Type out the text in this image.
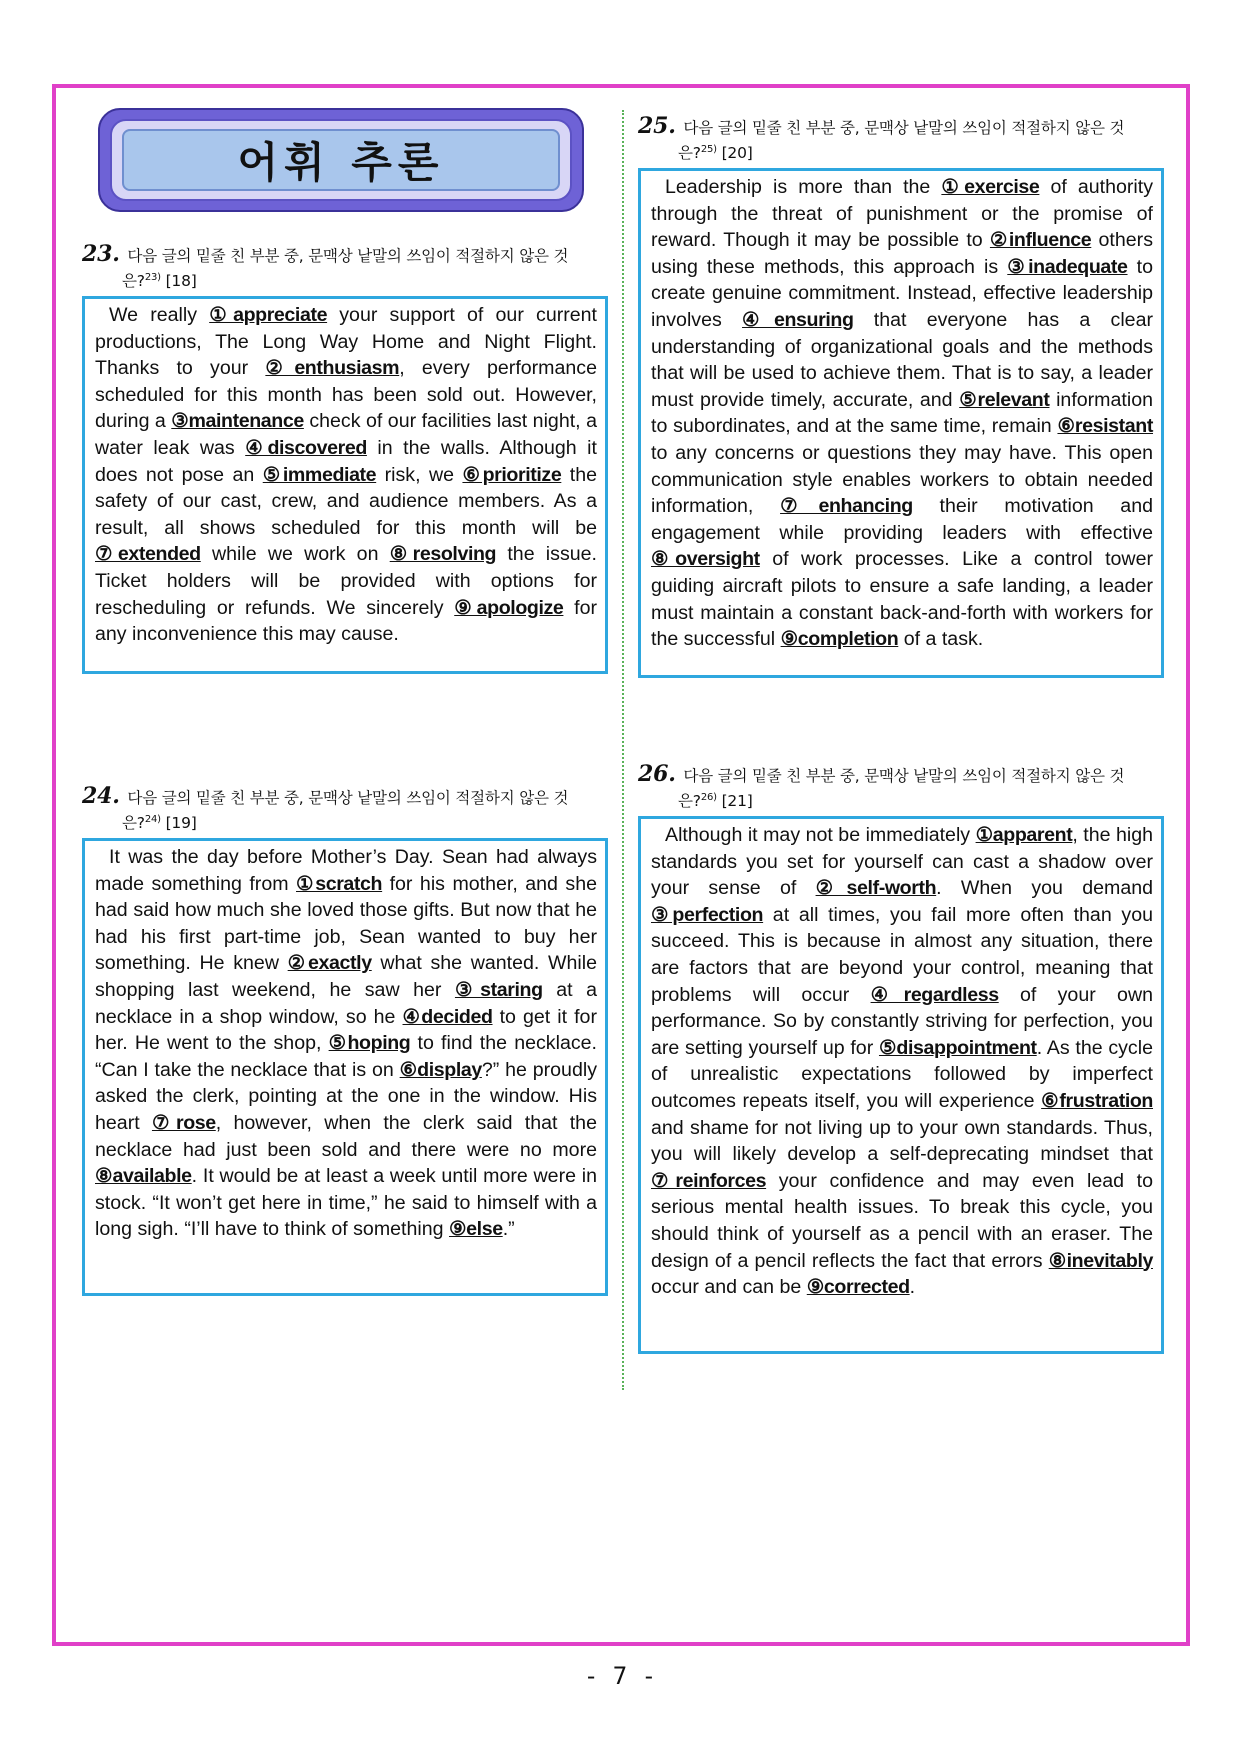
어휘 추론
23. 다음 글의 밑줄 친 부분 중, 문맥상 낱말의 쓰임이 적절하지 않은 것
은?$^{23)}$ [18]

We really ①appreciate your support of our current productions, The Long Way Home and Night Flight. Thanks to your ②enthusiasm, every performance scheduled for this month has been sold out. However, during a ③maintenance check of our facilities last night, a water leak was ④discovered in the walls. Although it does not pose an ⑤immediate risk, we ⑥prioritize the safety of our cast, crew, and audience members. As a result, all shows scheduled for this month will be ⑦extended while we work on ⑧resolving the issue. Ticket holders will be provided with options for rescheduling or refunds. We sincerely ⑨apologize for any inconvenience this may cause.

24. 다음 글의 밑줄 친 부분 중, 문맥상 낱말의 쓰임이 적절하지 않은 것
은?$^{24)}$ [19]

It was the day before Mother’s Day. Sean had always made something from ①scratch for his mother, and she had said how much she loved those gifts. But now that he had his first part-time job, Sean wanted to buy her something. He knew ②exactly what she wanted. While shopping last weekend, he saw her ③staring at a necklace in a shop window, so he ④decided to get it for her. He went to the shop, ⑤hoping to find the necklace. “Can I take the necklace that is on ⑥display?” he proudly asked the clerk, pointing at the one in the window. His heart ⑦rose, however, when the clerk said that the necklace had just been sold and there were no more ⑧available. It would be at least a week until more were in stock. “It won’t get here in time,” he said to himself with a long sigh. “I’ll have to think of something ⑨else.”

25. 다음 글의 밑줄 친 부분 중, 문맥상 낱말의 쓰임이 적절하지 않은 것
은?$^{25)}$ [20]

Leadership is more than the ①exercise of authority through the threat of punishment or the promise of reward. Though it may be possible to ②influence others using these methods, this approach is ③inadequate to create genuine commitment. Instead, effective leadership involves ④ensuring that everyone has a clear understanding of organizational goals and the methods that will be used to achieve them. That is to say, a leader must provide timely, accurate, and ⑤relevant information to subordinates, and at the same time, remain ⑥resistant to any concerns or questions they may have. This open communication style enables workers to obtain needed information, ⑦enhancing their motivation and engagement while providing leaders with effective ⑧oversight of work processes. Like a control tower guiding aircraft pilots to ensure a safe landing, a leader must maintain a constant back-and-forth with workers for the successful ⑨completion of a task.

26. 다음 글의 밑줄 친 부분 중, 문맥상 낱말의 쓰임이 적절하지 않은 것
은?$^{26)}$ [21]

Although it may not be immediately ①apparent, the high standards you set for yourself can cast a shadow over your sense of ②self-worth. When you demand ③perfection at all times, you fail more often than you succeed. This is because in almost any situation, there are factors that are beyond your control, meaning that problems will occur ④regardless of your own performance. So by constantly striving for perfection, you are setting yourself up for ⑤disappointment. As the cycle of unrealistic expectations followed by imperfect outcomes repeats itself, you will experience ⑥frustration and shame for not living up to your own standards. Thus, you will likely develop a self-deprecating mindset that ⑦reinforces your confidence and may even lead to serious mental health issues. To break this cycle, you should think of yourself as a pencil with an eraser. The design of a pencil reflects the fact that errors ⑧inevitably occur and can be ⑨corrected.

- 7 -
